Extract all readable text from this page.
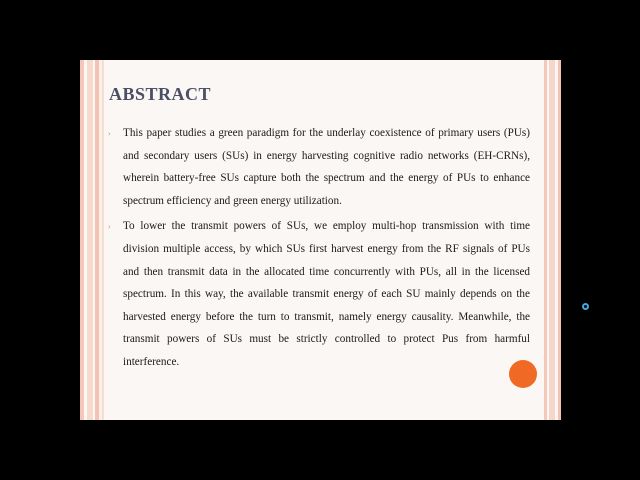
ABSTRACT
› This paper studies a green paradigm for the underlay coexistence of primary users (PUs) and secondary users (SUs) in energy harvesting cognitive radio networks (EH-CRNs), wherein battery-free SUs capture both the spectrum and the energy of PUs to enhance spectrum efficiency and green energy utilization.
› To lower the transmit powers of SUs, we employ multi-hop transmission with time division multiple access, by which SUs first harvest energy from the RF signals of PUs and then transmit data in the allocated time concurrently with PUs, all in the licensed spectrum. In this way, the available transmit energy of each SU mainly depends on the harvested energy before the turn to transmit, namely energy causality. Meanwhile, the transmit powers of SUs must be strictly controlled to protect Pus from harmful interference.
